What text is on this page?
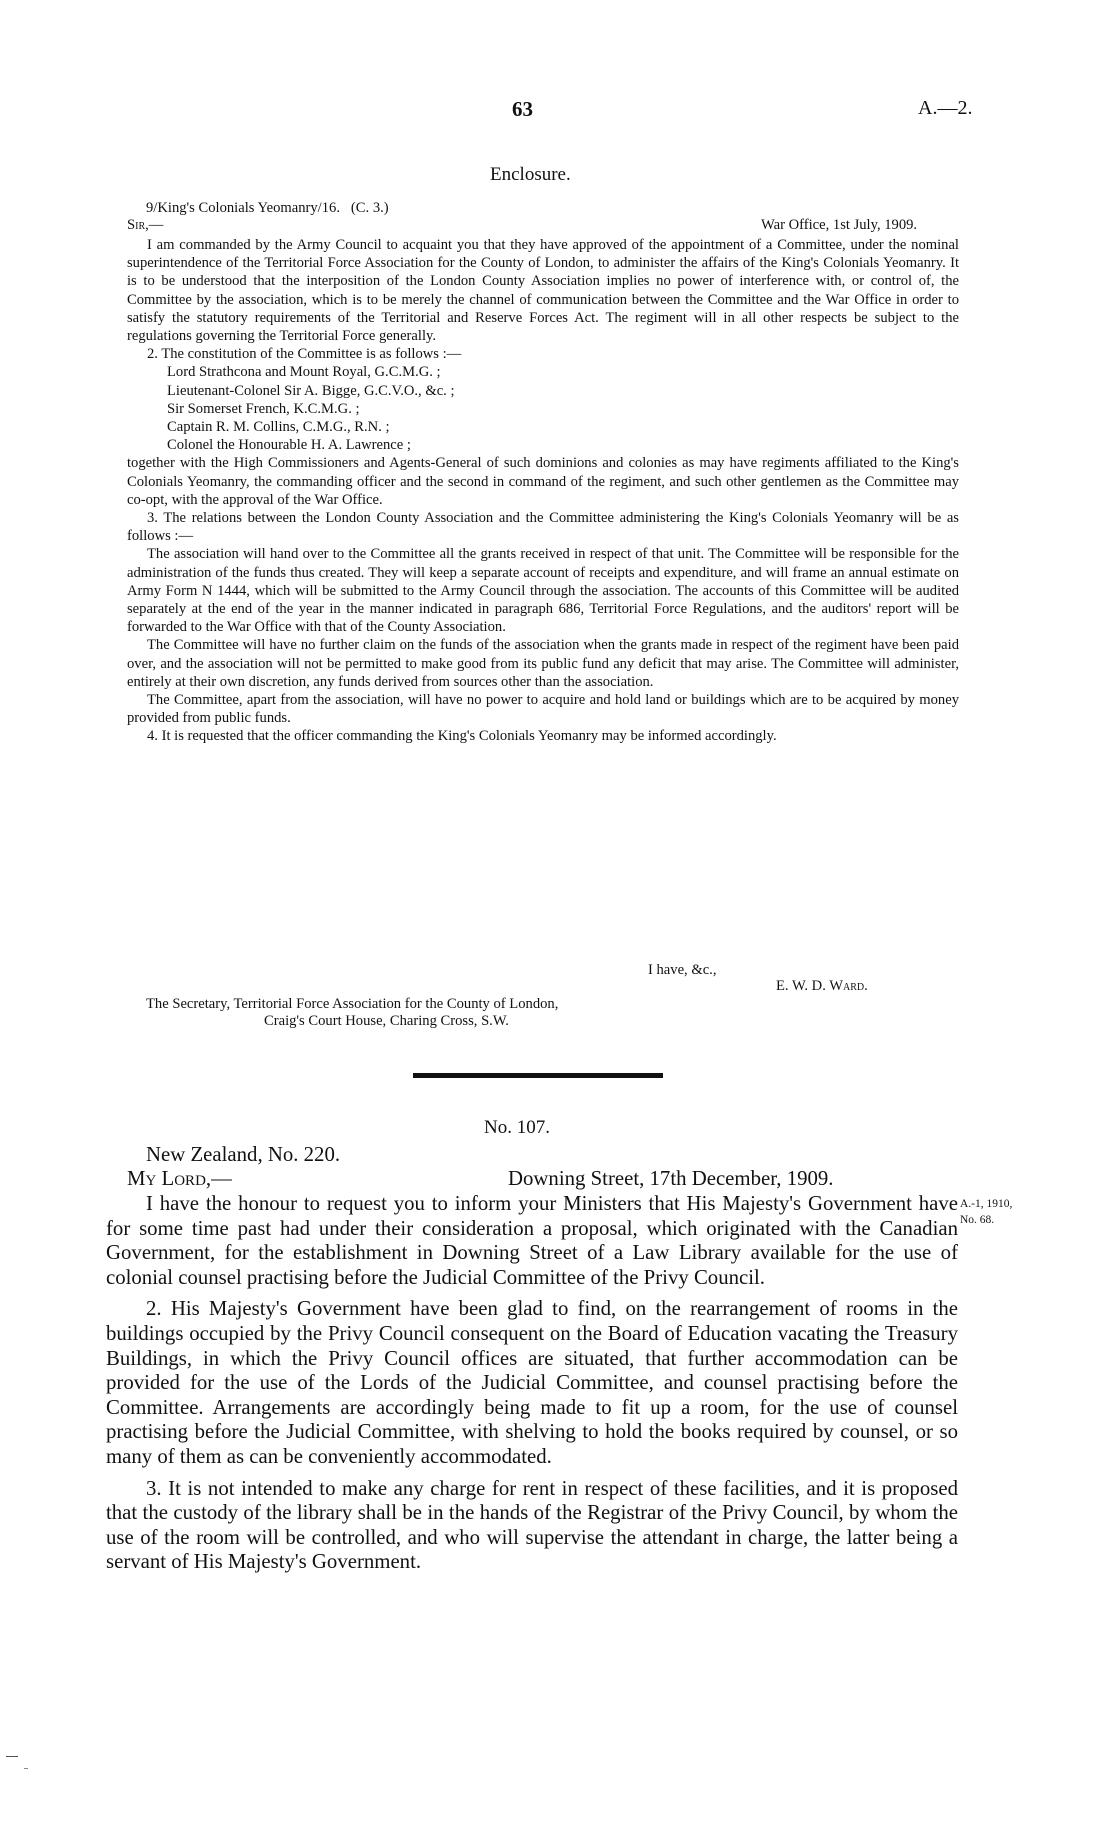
63	A.—2.
Enclosure.
9/King's Colonials Yeomanry/16.   (C. 3.)
Sir,—	War Office, 1st July, 1909.

I am commanded by the Army Council to acquaint you that they have approved of the appointment of a Committee, under the nominal superintendence of the Territorial Force Association for the County of London, to administer the affairs of the King's Colonials Yeomanry. It is to be understood that the interposition of the London County Association implies no power of interference with, or control of, the Committee by the association, which is to be merely the channel of communication between the Committee and the War Office in order to satisfy the statutory requirements of the Territorial and Reserve Forces Act. The regiment will in all other respects be subject to the regulations governing the Territorial Force generally.

2. The constitution of the Committee is as follows :—

Lord Strathcona and Mount Royal, G.C.M.G. ;
Lieutenant-Colonel Sir A. Bigge, G.C.V.O., &c. ;
Sir Somerset French, K.C.M.G. ;
Captain R. M. Collins, C.M.G., R.N. ;
Colonel the Honourable H. A. Lawrence ;

together with the High Commissioners and Agents-General of such dominions and colonies as may have regiments affiliated to the King's Colonials Yeomanry, the commanding officer and the second in command of the regiment, and such other gentlemen as the Committee may co-opt, with the approval of the War Office.

3. The relations between the London County Association and the Committee administering the King's Colonials Yeomanry will be as follows :—

The association will hand over to the Committee all the grants received in respect of that unit. The Committee will be responsible for the administration of the funds thus created. They will keep a separate account of receipts and expenditure, and will frame an annual estimate on Army Form N 1444, which will be submitted to the Army Council through the association. The accounts of this Committee will be audited separately at the end of the year in the manner indicated in paragraph 686, Territorial Force Regulations, and the auditors' report will be forwarded to the War Office with that of the County Association.

The Committee will have no further claim on the funds of the association when the grants made in respect of the regiment have been paid over, and the association will not be permitted to make good from its public fund any deficit that may arise. The Committee will administer, entirely at their own discretion, any funds derived from sources other than the association.

The Committee, apart from the association, will have no power to acquire and hold land or buildings which are to be acquired by money provided from public funds.

4. It is requested that the officer commanding the King's Colonials Yeomanry may be informed accordingly.

I have, &c.,
E. W. D. Ward.
The Secretary, Territorial Force Association for the County of London,
Craig's Court House, Charing Cross, S.W.
No. 107.
New Zealand, No. 220.
My Lord,—	Downing Street, 17th December, 1909.
A.-1, 1910,
No. 68.

I have the honour to request you to inform your Ministers that His Majesty's Government have for some time past had under their consideration a proposal, which originated with the Canadian Government, for the establishment in Downing Street of a Law Library available for the use of colonial counsel practising before the Judicial Committee of the Privy Council.

2. His Majesty's Government have been glad to find, on the rearrangement of rooms in the buildings occupied by the Privy Council consequent on the Board of Education vacating the Treasury Buildings, in which the Privy Council offices are situated, that further accommodation can be provided for the use of the Lords of the Judicial Committee, and counsel practising before the Committee. Arrangements are accordingly being made to fit up a room, for the use of counsel practising before the Judicial Committee, with shelving to hold the books required by counsel, or so many of them as can be conveniently accommodated.

3. It is not intended to make any charge for rent in respect of these facilities, and it is proposed that the custody of the library shall be in the hands of the Registrar of the Privy Council, by whom the use of the room will be controlled, and who will supervise the attendant in charge, the latter being a servant of His Majesty's Government.
